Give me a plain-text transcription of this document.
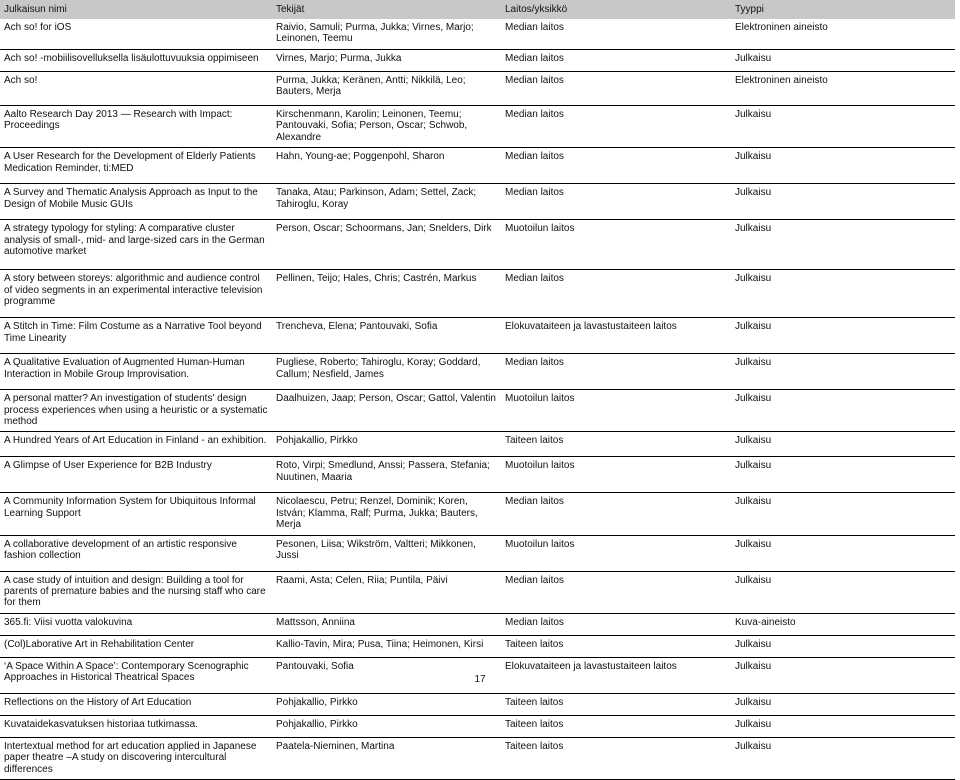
Julkaisun nimi	Tekijät	Laitos/yksikkö	Tyyppi
Ach so! for iOS	Raivio, Samuli; Purma, Jukka; Virnes, Marjo; Leinonen, Teemu	Median laitos	Elektroninen aineisto
Ach so! -mobiilisovelluksella lisäulottuvuuksia oppimiseen	Virnes, Marjo; Purma, Jukka	Median laitos	Julkaisu
Ach so!	Purma, Jukka; Keränen, Antti; Nikkilä, Leo; Bauters, Merja	Median laitos	Elektroninen aineisto
Aalto Research Day 2013 ― Research with Impact: Proceedings	Kirschenmann, Karolin; Leinonen, Teemu; Pantouvaki, Sofia; Person, Oscar; Schwob, Alexandre	Median laitos	Julkaisu
A User Research for the Development of Elderly Patients Medication Reminder, ti:MED	Hahn, Young-ae; Poggenpohl, Sharon	Median laitos	Julkaisu
A Survey and Thematic Analysis Approach as Input to the Design of Mobile Music GUIs	Tanaka, Atau; Parkinson, Adam; Settel, Zack; Tahiroglu, Koray	Median laitos	Julkaisu
A strategy typology for styling: A comparative cluster analysis of small-, mid- and large-sized cars in the German automotive market	Person, Oscar; Schoormans, Jan; Snelders, Dirk	Muotoilun laitos	Julkaisu
A story between storeys: algorithmic and audience control of video segments in an experimental interactive television programme	Pellinen, Teijo; Hales, Chris; Castrén, Markus	Median laitos	Julkaisu
A Stitch in Time: Film Costume as a Narrative Tool beyond Time Linearity	Trencheva, Elena; Pantouvaki, Sofia	Elokuvataiteen ja lavastustaiteen laitos	Julkaisu
A Qualitative Evaluation of Augmented Human-Human Interaction in Mobile Group Improvisation.	Pugliese, Roberto; Tahiroglu, Koray; Goddard, Callum; Nesfield, James	Median laitos	Julkaisu
A personal matter? An investigation of students' design process experiences when using a heuristic or a systematic method	Daalhuizen, Jaap; Person, Oscar; Gattol, Valentin	Muotoilun laitos	Julkaisu
A Hundred Years of Art Education in Finland - an exhibition.	Pohjakallio, Pirkko	Taiteen laitos	Julkaisu
A Glimpse of User Experience for B2B Industry	Roto, Virpi; Smedlund, Anssi; Passera, Stefania; Nuutinen, Maaria	Muotoilun laitos	Julkaisu
A Community Information System for Ubiquitous Informal Learning Support	Nicolaescu, Petru; Renzel, Dominik; Koren, István; Klamma, Ralf; Purma, Jukka; Bauters, Merja	Median laitos	Julkaisu
A collaborative development of an artistic responsive fashion collection	Pesonen, Liisa; Wikström, Valtteri; Mikkonen, Jussi	Muotoilun laitos	Julkaisu
A case study of intuition and design: Building a tool for parents of premature babies and the nursing staff who care for them	Raami, Asta; Celen, Riia; Puntila, Päivi	Median laitos	Julkaisu
365.fi: Viisi vuotta valokuvina	Mattsson, Anniina	Median laitos	Kuva-aineisto
(Col)Laborative Art in Rehabilitation Center	Kallio-Tavin, Mira; Pusa, Tiina; Heimonen, Kirsi	Taiteen laitos	Julkaisu
‘A Space Within A Space’: Contemporary Scenographic Approaches in Historical Theatrical Spaces	Pantouvaki, Sofia	Elokuvataiteen ja lavastustaiteen laitos	Julkaisu
Reflections on the History of Art Education	Pohjakallio, Pirkko	Taiteen laitos	Julkaisu
Kuvataidekasvatuksen historiaa tutkimassa.	Pohjakallio, Pirkko	Taiteen laitos	Julkaisu
Intertextual method for art education applied in Japanese paper theatre –A study on discovering intercultural differences	Paatela-Nieminen, Martina	Taiteen laitos	Julkaisu
17
